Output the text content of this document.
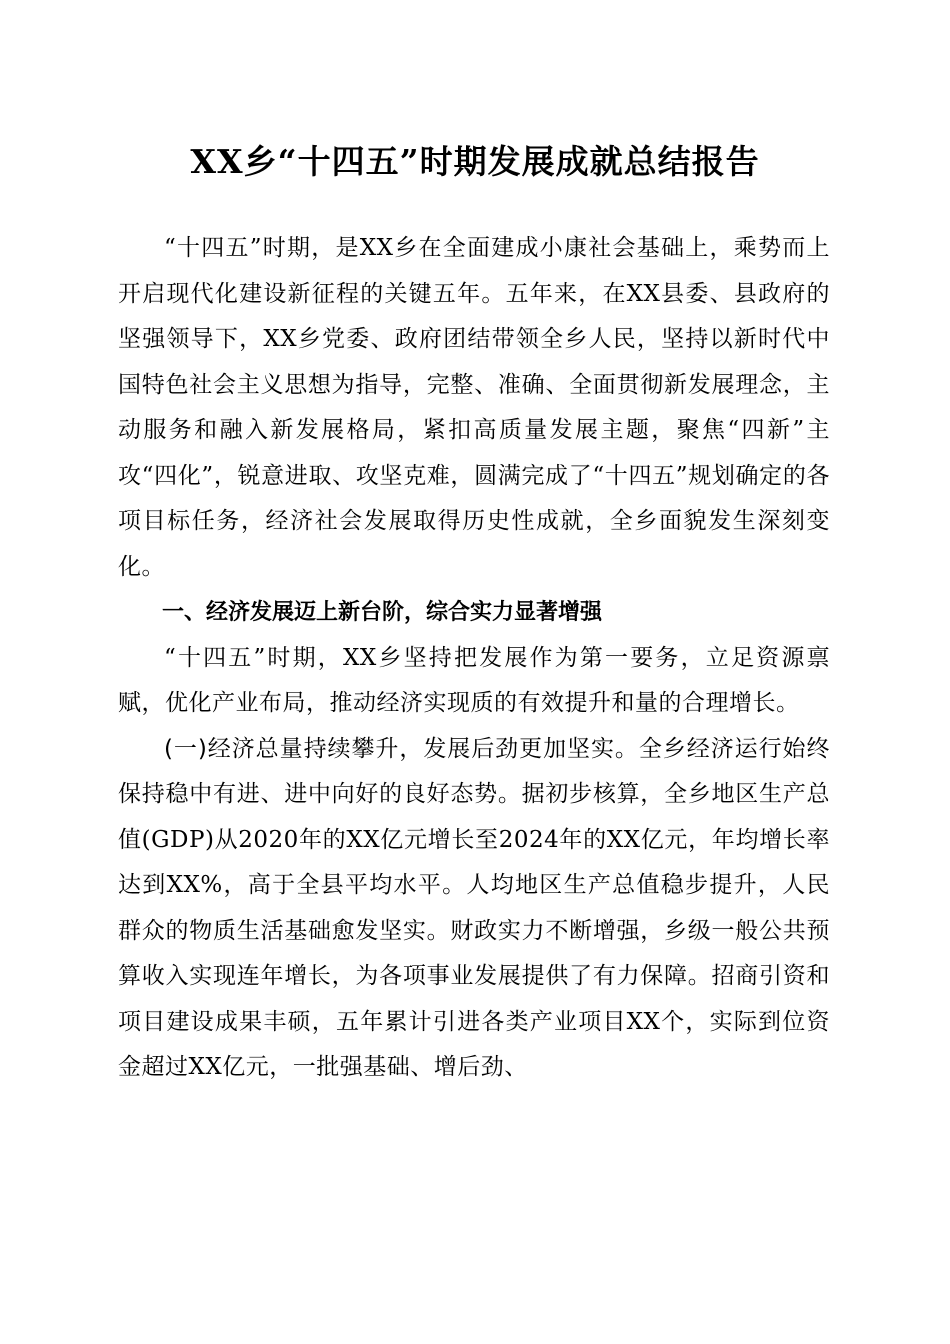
XX乡“十四五”时期发展成就总结报告

“十四五”时期，是XX乡在全面建成小康社会基础上，乘势而上开启现代化建设新征程的关键五年。五年来，在XX县委、县政府的坚强领导下，XX乡党委、政府团结带领全乡人民，坚持以新时代中国特色社会主义思想为指导，完整、准确、全面贯彻新发展理念，主动服务和融入新发展格局，紧扣高质量发展主题，聚焦“四新”主攻“四化”，锐意进取、攻坚克难，圆满完成了“十四五”规划确定的各项目标任务，经济社会发展取得历史性成就，全乡面貌发生深刻变化。

一、经济发展迈上新台阶，综合实力显著增强

“十四五”时期，XX乡坚持把发展作为第一要务，立足资源禀赋，优化产业布局，推动经济实现质的有效提升和量的合理增长。

(一)经济总量持续攀升，发展后劲更加坚实。全乡经济运行始终保持稳中有进、进中向好的良好态势。据初步核算，全乡地区生产总值(GDP)从2020年的XX亿元增长至2024年的XX亿元，年均增长率达到XX%，高于全县平均水平。人均地区生产总值稳步提升，人民群众的物质生活基础愈发坚实。财政实力不断增强，乡级一般公共预算收入实现连年增长，为各项事业发展提供了有力保障。招商引资和项目建设成果丰硕，五年累计引进各类产业项目XX个，实际到位资金超过XX亿元，一批强基础、增后劲、
